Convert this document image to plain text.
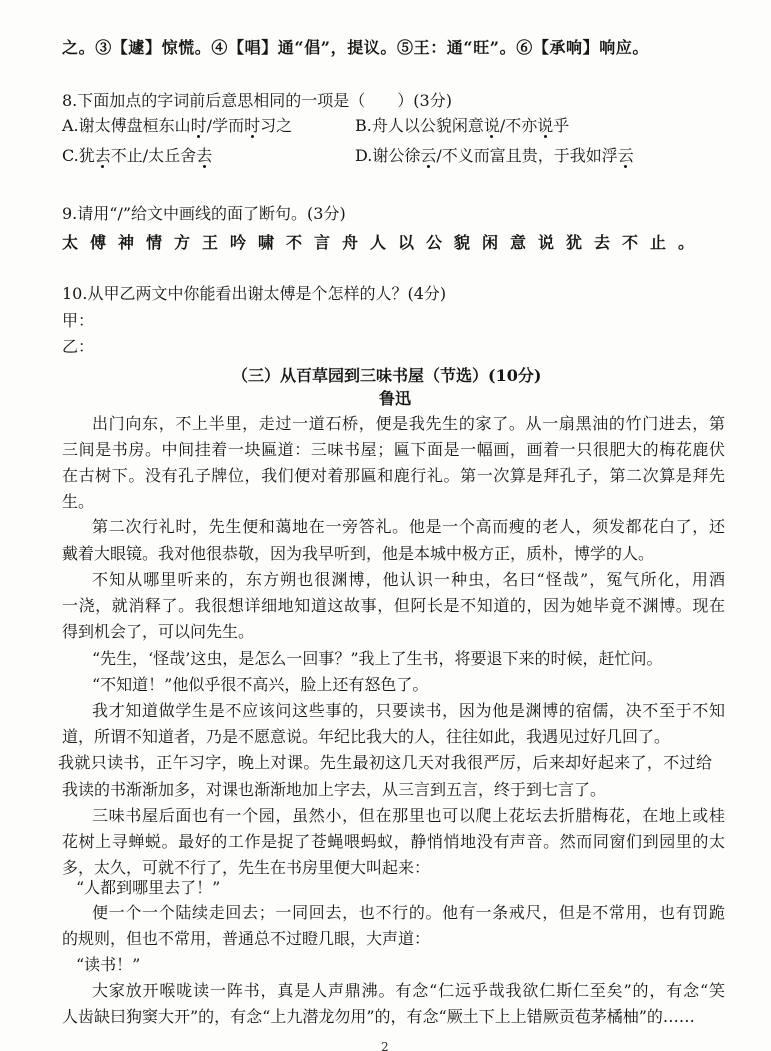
之。③【遽】惊慌。④【唱】通“倡”，提议。⑤王：通“旺”。⑥【承响】响应。
8.下面加点的字词前后意思相同的一项是（　　）(3分)
A.谢太傅盘桓东山时/学而时习之	B.舟人以公貌闲意说/不亦说乎
C.犹去不止/太丘舍去	D.谢公徐云/不义而富且贵，于我如浮云
9.请用“/”给文中画线的面了断句。(3分)
太傅神情方王吟啸不言舟人以公貌闲意说犹去不止。
10.从甲乙两文中你能看出谢太傅是个怎样的人？(4分)
甲：
乙：
（三）从百草园到三味书屋（节选）(10分)
鲁迅
出门向东，不上半里，走过一道石桥，便是我先生的家了。从一扇黑油的竹门进去，第
三间是书房。中间挂着一块匾道：三味书屋；匾下面是一幅画，画着一只很肥大的梅花鹿伏
在古树下。没有孔子牌位，我们便对着那匾和鹿行礼。第一次算是拜孔子，第二次算是拜先
生。
第二次行礼时，先生便和蔼地在一旁答礼。他是一个高而瘦的老人，须发都花白了，还
戴着大眼镜。我对他很恭敬，因为我早听到，他是本城中极方正，质朴，博学的人。
不知从哪里听来的，东方朔也很渊博，他认识一种虫，名曰“怪哉”，冤气所化，用酒
一浇，就消释了。我很想详细地知道这故事，但阿长是不知道的，因为她毕竟不渊博。现在
得到机会了，可以问先生。
“先生，‘怪哉’这虫，是怎么一回事？”我上了生书，将要退下来的时候，赶忙问。
“不知道！”他似乎很不高兴，脸上还有怒色了。
我才知道做学生是不应该问这些事的，只要读书，因为他是渊博的宿儒，决不至于不知
道，所谓不知道者，乃是不愿意说。年纪比我大的人，往往如此，我遇见过好几回了。
我就只读书，正午习字，晚上对课。先生最初这几天对我很严厉，后来却好起来了，不过给
我读的书渐渐加多，对课也渐渐地加上字去，从三言到五言，终于到七言了。
三味书屋后面也有一个园，虽然小，但在那里也可以爬上花坛去折腊梅花，在地上或桂
花树上寻蝉蜕。最好的工作是捉了苍蝇喂蚂蚁，静悄悄地没有声音。然而同窗们到园里的太
多，太久，可就不行了，先生在书房里便大叫起来：
“人都到哪里去了！”
便一个一个陆续走回去；一同回去，也不行的。他有一条戒尺，但是不常用，也有罚跪
的规则，但也不常用，普通总不过瞪几眼，大声道：
“读书！”
大家放开喉咙读一阵书，真是人声鼎沸。有念“仁远乎哉我欲仁斯仁至矣”的，有念“笑
人齿缺曰狗窦大开”的，有念“上九潜龙勿用”的，有念“厥土下上上错厥贡苞茅橘柚”的……
2
